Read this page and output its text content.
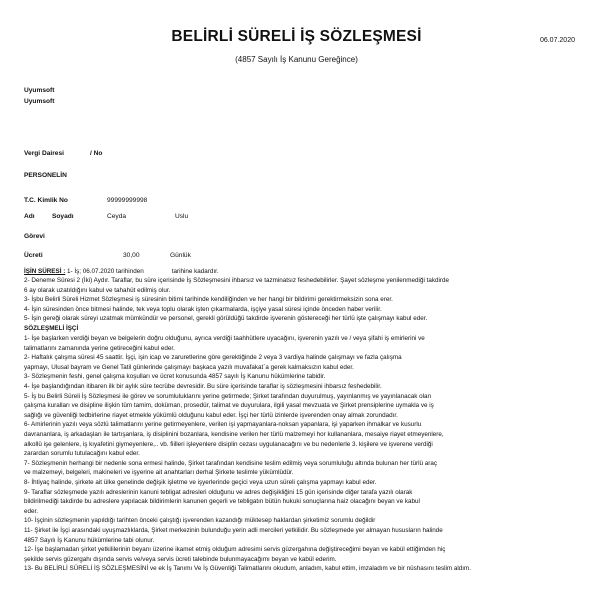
BELİRLİ SÜRELİ İŞ SÖZLEŞMESİ	06.07.2020
(4857 Sayılı İş Kanunu Gereğince)
Uyumsoft
Uyumsoft
Vergi Dairesi	/ No
PERSONELİN
T.C. Kimlik No	99999999998
Adı	Soyadı	Ceyda	Uslu
Görevi
Ücreti	30,00	Günlük
İŞİN SÜRESİ : 1- İş; 06.07.2020 tarihinden	tarihine kadardır.
2- Deneme Süresi 2 (İki) Aydır. Taraflar, bu süre içerisinde İş Sözleşmesini ihbarsız ve tazminatsız feshedebilirler. Şayet sözleşme yenilenmediği takdirde
6 ay olarak uzatıldığını kabul ve tahahüt edilmiş olur.
3- İşbu Belirli Süreli Hizmet Sözleşmesi iş süresinin bitimi tarihinde kendiliğinden ve her hangi bir bildirimi gerektirmeksizin sona erer.
4- İşin süresinden önce bitmesi halinde, tek veya toplu olarak işten çıkarmalarda, işçiye yasal süresi içinde önceden haber verilir.
5- İşin gereği olarak süreyi uzatmak mümkündür ve personel, gerekli görüldüğü takdirde işverenin göstereceği her türlü işte çalışmayı kabul eder.
SÖZLEŞMELİ İŞÇİ
1- İşe başlarken verdiği beyan ve belgelerin doğru olduğunu, ayrıca verdiği taahhütlere uyacağını, işverenin yazılı ve / veya şifahi iş emirlerini ve
talimatlarını zamanında yerine getireceğini kabul eder.
2- Haftalık çalışma süresi 45 saattir. İşçi, işin icap ve zaruretlerine göre gerektiğinde 2 veya 3 vardiya halinde çalışmayı ve fazla çalışma
yapmayı, Ulusal bayram ve Genel Tatil günlerinde çalışmayı başkaca yazılı muvafakat`a gerek kalmaksızın kabul eder.
3- Sözleşmenin feshi, genel çalışma koşulları ve ücret konusunda 4857 sayılı İş Kanunu hükümlerine tabidir.
4- İşe başlandığından itibaren ilk bir aylık süre tecrübe devresidir. Bu süre içerisinde taraflar iş sözleşmesini ihbarsız feshedebilir.
5- İş bu Belirli Süreli İş Sözleşmesi ile görev ve sorumluluklarını yerine getirmede; Şirket tarafından duyurulmuş, yayınlanmış ve yayınlanacak olan
çalışma kuralları ve disipline ilişkin tüm tamim, doküman, prosedür, talimat ve duyurulara, ilgili yasal mevzuata ve Şirket prensiplerine uymakla ve iş
sağlığı ve güvenliği tedbirlerine riayet etmekle yükümlü olduğunu kabul eder. İşçi her türlü izinlerde işverenden onay almak zorundadır.
6- Amirlerinin yazılı veya sözlü talimatlarını yerine getirmeyenlere, verilen işi yapmayanlara-noksan yapanlara, işi yaparken ihmalkar ve kusurlu
davrananlara, iş arkadaşları ile tartışanlara, iş disiplinini bozanlara, kendisine verilen her türlü malzemeyi hor kullananlara, mesaiye riayet etmeyenlere,
alkollü işe gelenlere, iş kıyafetini giymeyenlere,.. vb. fiilleri işleyenlere disiplin cezası uygulanacağını ve bu nedenlerle 3. kişilere ve işverene verdiği
zarardan sorumlu tutulacağını kabul eder.
7- Sözleşmenin herhangi bir nedenle sona ermesi halinde, Şirket tarafından kendisine teslim edilmiş veya sorumluluğu altında bulunan her türlü araç
ve malzemeyi, belgeleri, makineleri ve işyerine ait anahtarları derhal Şirkete teslimle yükümlüdür.
8- İhtiyaç halinde, şirkete ait ülke genelinde değişik işletme ve işyerlerinde geçici veya uzun süreli çalışma yapmayı kabul eder.
9- Taraflar sözleşmede yazılı adreslerinin kanuni tebligat adresleri olduğunu ve adres değişikliğini 15 gün içerisinde diğer tarafa yazılı olarak
bildirilmediği takdirde bu adreslere yapılacak bildirimlerin kanunen geçerli ve tebligatın bütün hukuki sonuçlarına haiz olacağını beyan ve kabul
eder.
10- İşçinin sözleşmenin yapıldığı tarihten önceki çalıştığı işverenden kazandığı müktesep haklardan şirketimiz sorumlu değildir
11- Şirket ile İşçi arasındaki uyuşmazlıklarda, Şirket merkezinin bulunduğu yerin adli mercileri yetkilidir. Bu sözleşmede yer almayan hususların halinde
4857 Sayılı İş Kanunu hükümlerine tabi olunur.
12- İşe başlamadan şirket yetkililerinin beyanı üzerine ikamet etmiş olduğum adresimi servis güzergahına değiştireceğimi beyan ve kabül ettiğimden hiç
şekilde servis güzergahı dışında servis ve/veya servis ücreti talebinde bulunmayacağımı beyan ve kabül ederim.
13- Bu BELİRLİ SÜRELİ İŞ SÖZLEŞMESİNİ ve ek İş Tanımı Ve İş Güvenliği Talimatlarını okudum, anladım, kabul ettim, imzaladım ve bir nüshasını teslim aldım.
